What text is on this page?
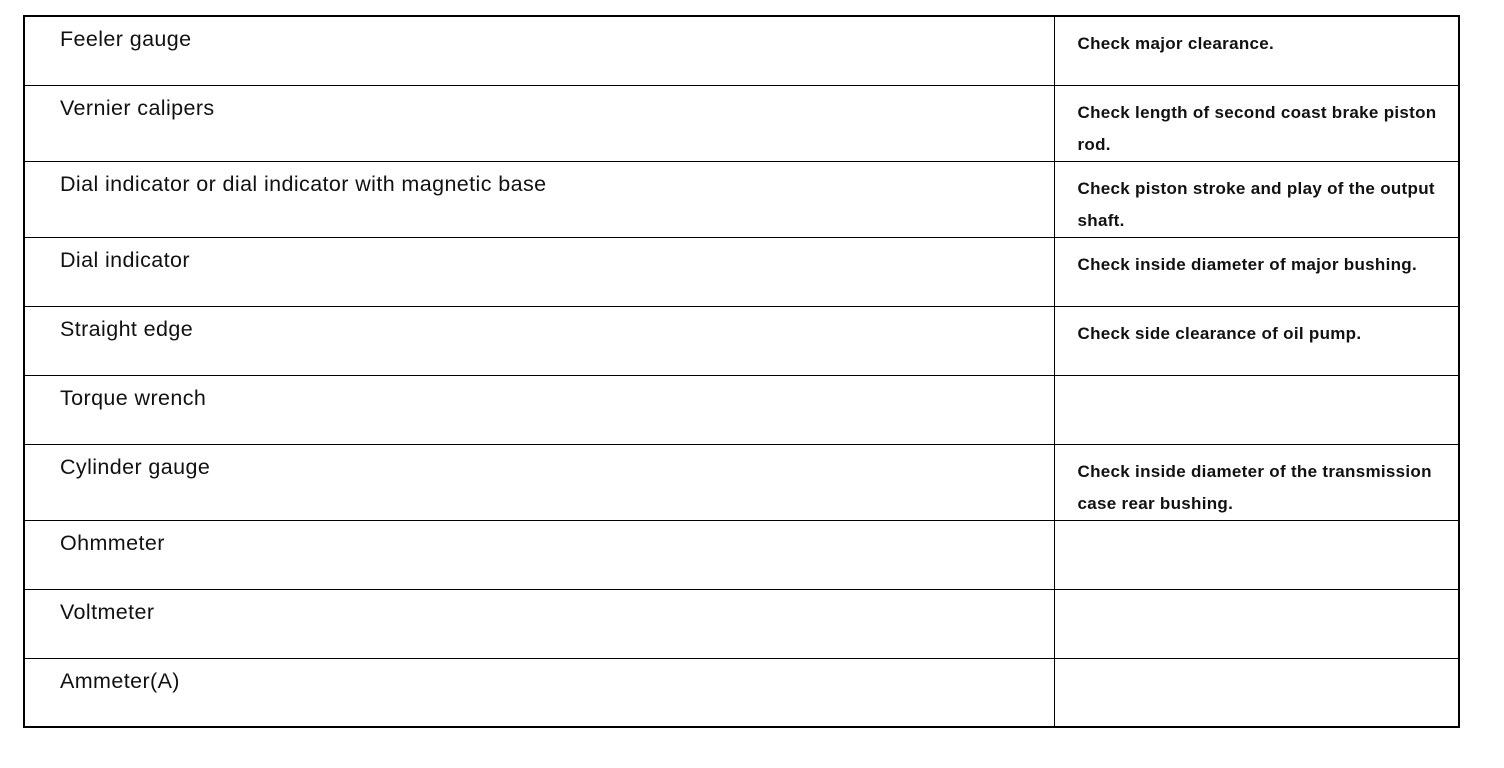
Feeler gauge	Check major clearance.

Vernier calipers	Check length of second coast brake piston rod.

Dial indicator or dial indicator with magnetic base	Check piston stroke and play of the output shaft.

Dial indicator	Check inside diameter of major bushing.

Straight edge	Check side clearance of oil pump.

Torque wrench	

Cylinder gauge	Check inside diameter of the transmission case rear bushing.

Ohmmeter	

Voltmeter	

Ammeter(A)	
